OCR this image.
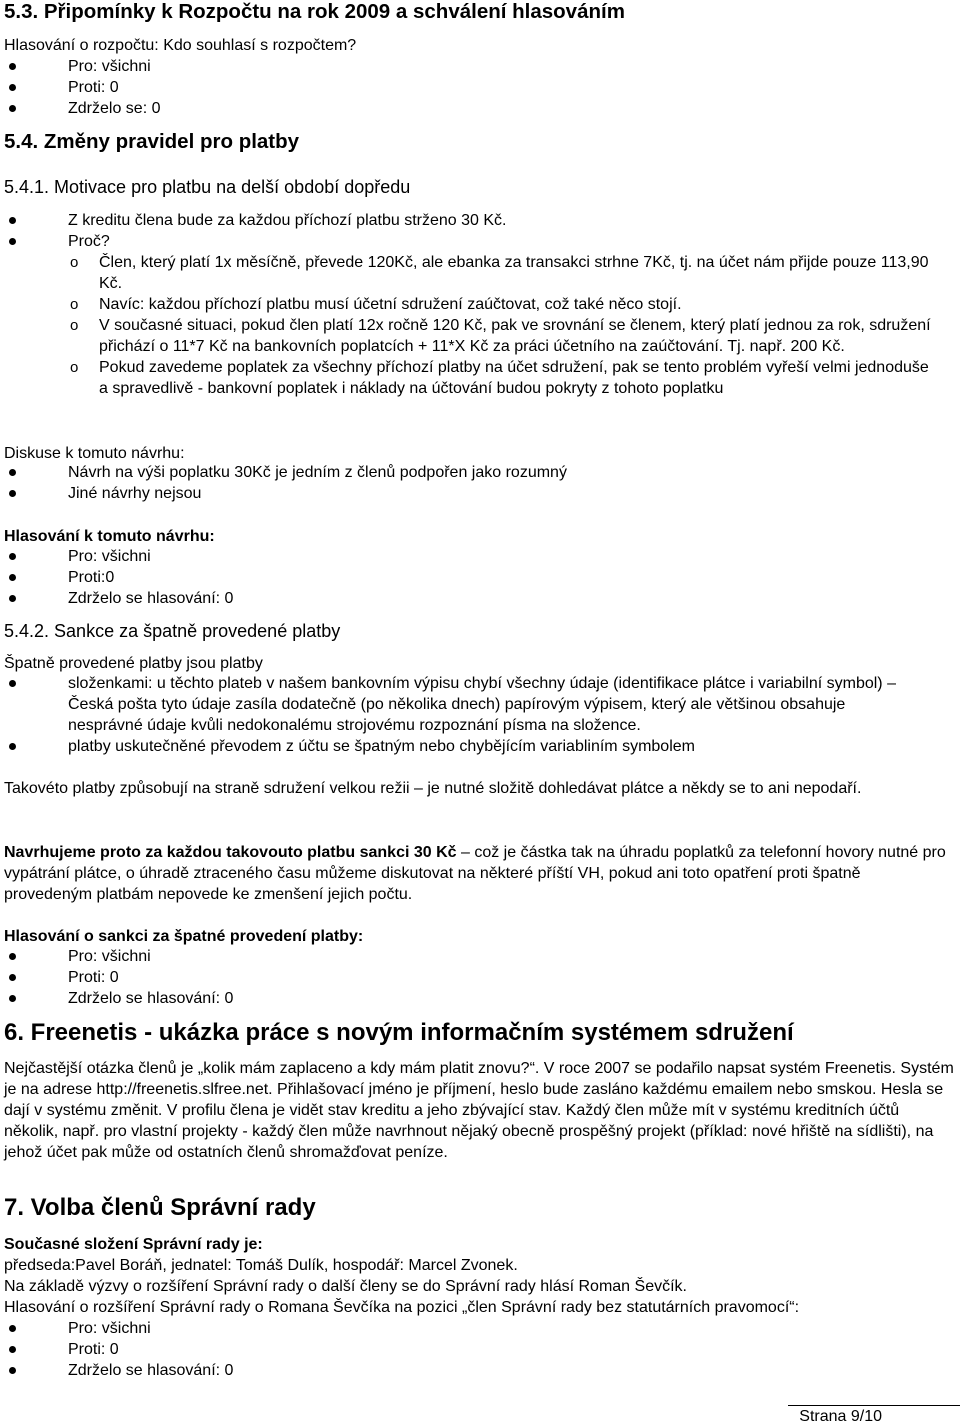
5.3. Připomínky k Rozpočtu na rok 2009 a schválení hlasováním
Hlasování o rozpočtu: Kdo souhlasí s rozpočtem?
Pro: všichni
Proti: 0
Zdrželo se: 0
5.4. Změny pravidel pro platby
5.4.1. Motivace pro platbu na delší období dopředu
Z kreditu člena bude za každou příchozí platbu strženo 30 Kč.
Proč?
o Člen, který platí 1x měsíčně, převede 120Kč, ale ebanka za transakci strhne 7Kč, tj. na účet nám přijde pouze 113,90 Kč.
o Navíc: každou příchozí platbu musí účetní sdružení zaúčtovat, což také něco stojí.
o V současné situaci, pokud člen platí 12x ročně 120 Kč, pak ve srovnání se členem, který platí jednou za rok, sdružení přichází o 11*7 Kč na bankovních poplatcích + 11*X Kč za práci účetního na zaúčtování. Tj. např. 200 Kč.
o Pokud zavedeme poplatek za všechny příchozí platby na účet sdružení, pak se tento problém vyřeší velmi jednoduše a spravedlivě - bankovní poplatek i náklady na účtování budou pokryty z tohoto poplatku
Diskuse k tomuto návrhu:
Návrh na výši poplatku 30Kč je jedním z členů podpořen jako rozumný
Jiné návrhy nejsou
Hlasování k tomuto návrhu:
Pro: všichni
Proti:0
Zdrželo se hlasování: 0
5.4.2. Sankce za špatně provedené platby
Špatně provedené platby jsou platby
složenkami: u těchto plateb v našem bankovním výpisu chybí všechny údaje (identifikace plátce i variabilní symbol) – Česká pošta tyto údaje zasíla dodatečně (po několika dnech) papírovým výpisem, který ale většinou obsahuje nesprávné údaje kvůli nedokonalému strojovému rozpoznání písma na složence.
platby uskutečněné převodem z účtu se špatným nebo chybějícím variabliním symbolem
Takovéto platby způsobují na straně sdružení velkou režii – je nutné složitě dohledávat plátce a někdy se to ani nepodaří.
Navrhujeme proto za každou takovouto platbu sankci 30 Kč – což je částka tak na úhradu poplatků za telefonní hovory nutné pro vypátrání plátce, o úhradě ztraceného času můžeme diskutovat na některé příští VH, pokud ani toto opatření proti špatně provedeným platbám nepovede ke zmenšení jejich počtu.
Hlasování o sankci za špatné provedení platby:
Pro: všichni
Proti: 0
Zdrželo se hlasování: 0
6. Freenetis - ukázka práce s novým informačním systémem sdružení
Nejčastější otázka členů je „kolik mám zaplaceno a kdy mám platit znovu?“. V roce 2007 se podařilo napsat systém Freenetis. Systém je na adrese http://freenetis.slfree.net. Přihlašovací jméno je příjmení, heslo bude zasláno každému emailem nebo smskou. Hesla se dají v systému změnit. V profilu člena je vidět stav kreditu a jeho zbývající stav. Každý člen může mít v systému kreditních účtů několik, např. pro vlastní projekty - každý člen může navrhnout nějaký obecně prospěšný projekt (příklad: nové hřiště na sídlišti), na jehož účet pak může od ostatních členů shromažďovat peníze.
7. Volba členů Správní rady
Současné složení Správní rady je:
předseda:Pavel Boráň, jednatel: Tomáš Dulík, hospodář: Marcel Zvonek.
Na základě výzvy o rozšíření Správní rady o další členy se do Správní rady hlásí Roman Ševčík.
Hlasování o rozšíření Správní rady o Romana Ševčíka na pozici „člen Správní rady bez statutárních pravomocí“:
Pro: všichni
Proti: 0
Zdrželo se hlasování: 0
Strana 9/10
